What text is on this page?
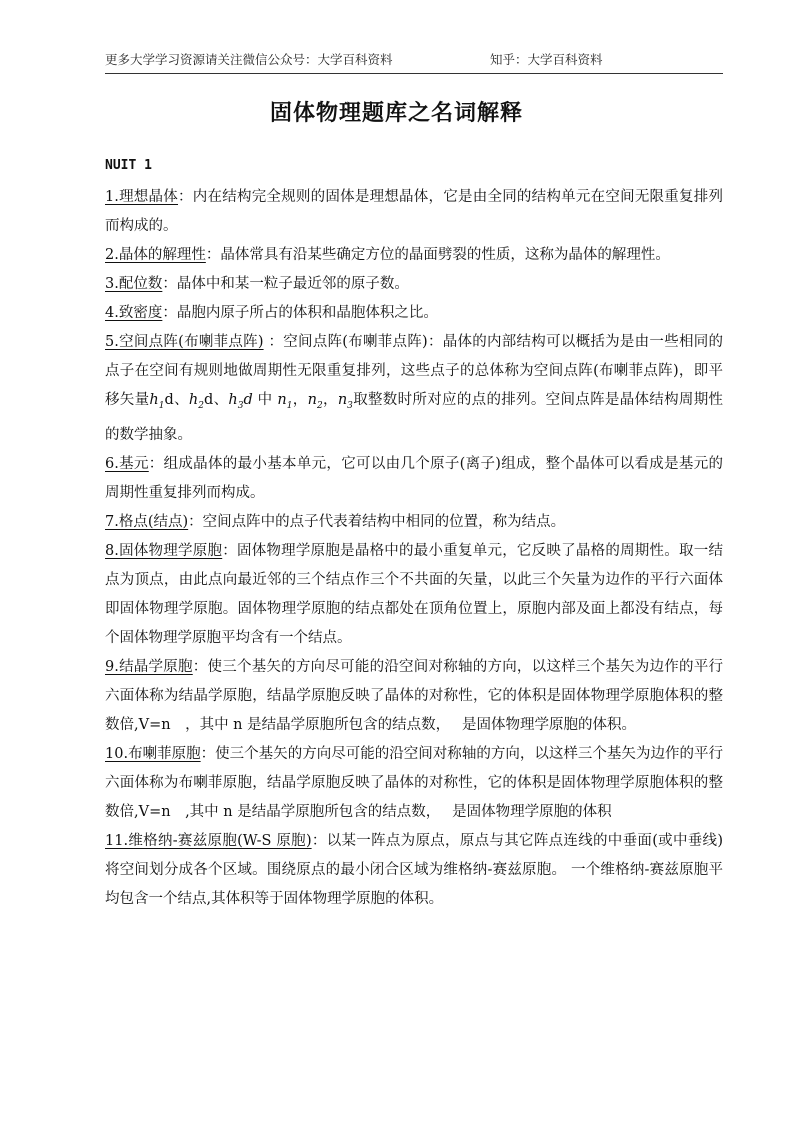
更多大学学习资源请关注微信公众号：大学百科资料	知乎：大学百科资料
固体物理题库之名词解释
NUIT 1

1.理想晶体：内在结构完全规则的固体是理想晶体，它是由全同的结构单元在空间无限重复排列而构成的。

2.晶体的解理性：晶体常具有沿某些确定方位的晶面劈裂的性质，这称为晶体的解理性。

3.配位数：晶体中和某一粒子最近邻的原子数。

4.致密度：晶胞内原子所占的体积和晶胞体积之比。

5.空间点阵(布喇菲点阵) ：空间点阵(布喇菲点阵)：晶体的内部结构可以概括为是由一些相同的点子在空间有规则地做周期性无限重复排列，这些点子的总体称为空间点阵(布喇菲点阵)，即平移矢量$h_1d$、$h_2d$、$h_3d$ 中 $n_1$，$n_2$，$n_3$取整数时所对应的点的排列。空间点阵是晶体结构周期性的数学抽象。

6.基元：组成晶体的最小基本单元，它可以由几个原子(离子)组成，整个晶体可以看成是基元的周期性重复排列而构成。

7.格点(结点)：空间点阵中的点子代表着结构中相同的位置，称为结点。

8.固体物理学原胞：固体物理学原胞是晶格中的最小重复单元，它反映了晶格的周期性。取一结点为顶点，由此点向最近邻的三个结点作三个不共面的矢量，以此三个矢量为边作的平行六面体即固体物理学原胞。固体物理学原胞的结点都处在顶角位置上，原胞内部及面上都没有结点，每个固体物理学原胞平均含有一个结点。

9.结晶学原胞：使三个基矢的方向尽可能的沿空间对称轴的方向，以这样三个基矢为边作的平行六面体称为结晶学原胞，结晶学原胞反映了晶体的对称性，它的体积是固体物理学原胞体积的整数倍,V=n　，其中 n 是结晶学原胞所包含的结点数，　 是固体物理学原胞的体积。

10.布喇菲原胞：使三个基矢的方向尽可能的沿空间对称轴的方向，以这样三个基矢为边作的平行六面体称为布喇菲原胞，结晶学原胞反映了晶体的对称性，它的体积是固体物理学原胞体积的整数倍,V=n　,其中 n 是结晶学原胞所包含的结点数，　 是固体物理学原胞的体积

11.维格纳-赛兹原胞(W-S 原胞)：以某一阵点为原点，原点与其它阵点连线的中垂面(或中垂线) 将空间划分成各个区域。围绕原点的最小闭合区域为维格纳-赛兹原胞。 一个维格纳-赛兹原胞平均包含一个结点,其体积等于固体物理学原胞的体积。
